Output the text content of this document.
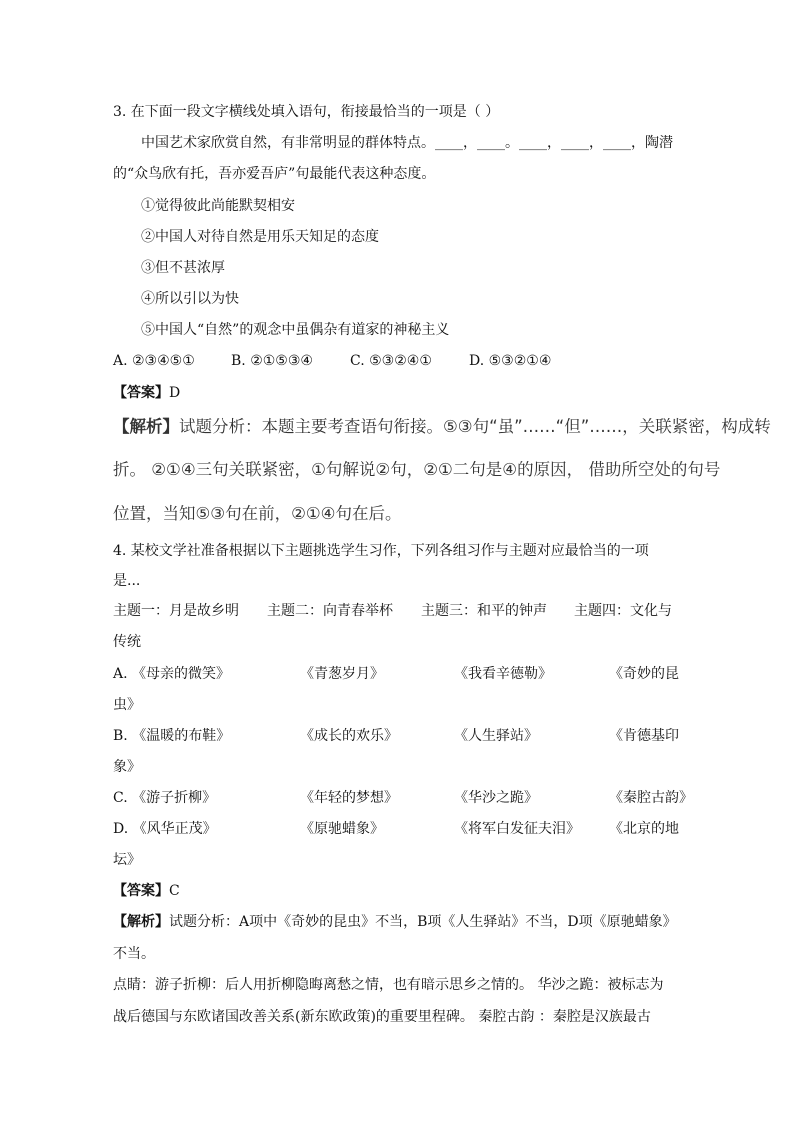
3. 在下面一段文字横线处填入语句，衔接最恰当的一项是（ ）
中国艺术家欣赏自然，有非常明显的群体特点。____，____。____，____，____，陶潜
的“众鸟欣有托，吾亦爱吾庐”句最能代表这种态度。
①觉得彼此尚能默契相安
②中国人对待自然是用乐天知足的态度
③但不甚浓厚
④所以引以为快
⑤中国人“自然”的观念中虽偶杂有道家的神秘主义
A. ②③④⑤①	B. ②①⑤③④	C. ⑤③②④①	D. ⑤③②①④
【答案】D
【解析】试题分析：本题主要考查语句衔接。⑤③句“虽”……“但”……，关联紧密，构成转
折。 ②①④三句关联紧密，①句解说②句，②①二句是④的原因， 借助所空处的句号
位置，当知⑤③句在前，②①④句在后。
4. 某校文学社准备根据以下主题挑选学生习作，下列各组习作与主题对应最恰当的一项
是...
主题一：月是故乡明 主题二：向青春举杯 主题三：和平的钟声 主题四：文化与
传统
A. 《母亲的微笑》	《青葱岁月》	《我看辛德勒》	《奇妙的昆
虫》
B. 《温暖的布鞋》	《成长的欢乐》	《人生驿站》	《肯德基印
象》
C. 《游子折柳》	《年轻的梦想》	《华沙之跪》	《秦腔古韵》
D. 《风华正茂》	《原驰蜡象》	《将军白发征夫泪》 《北京的地
坛》
【答案】C
【解析】试题分析：A项中《奇妙的昆虫》不当，B项《人生驿站》不当，D项《原驰蜡象》
不当。
点睛：游子折柳：后人用折柳隐晦离愁之情，也有暗示思乡之情的。 华沙之跪：被标志为
战后德国与东欧诸国改善关系(新东欧政策)的重要里程碑。 秦腔古韵 ：秦腔是汉族最古
